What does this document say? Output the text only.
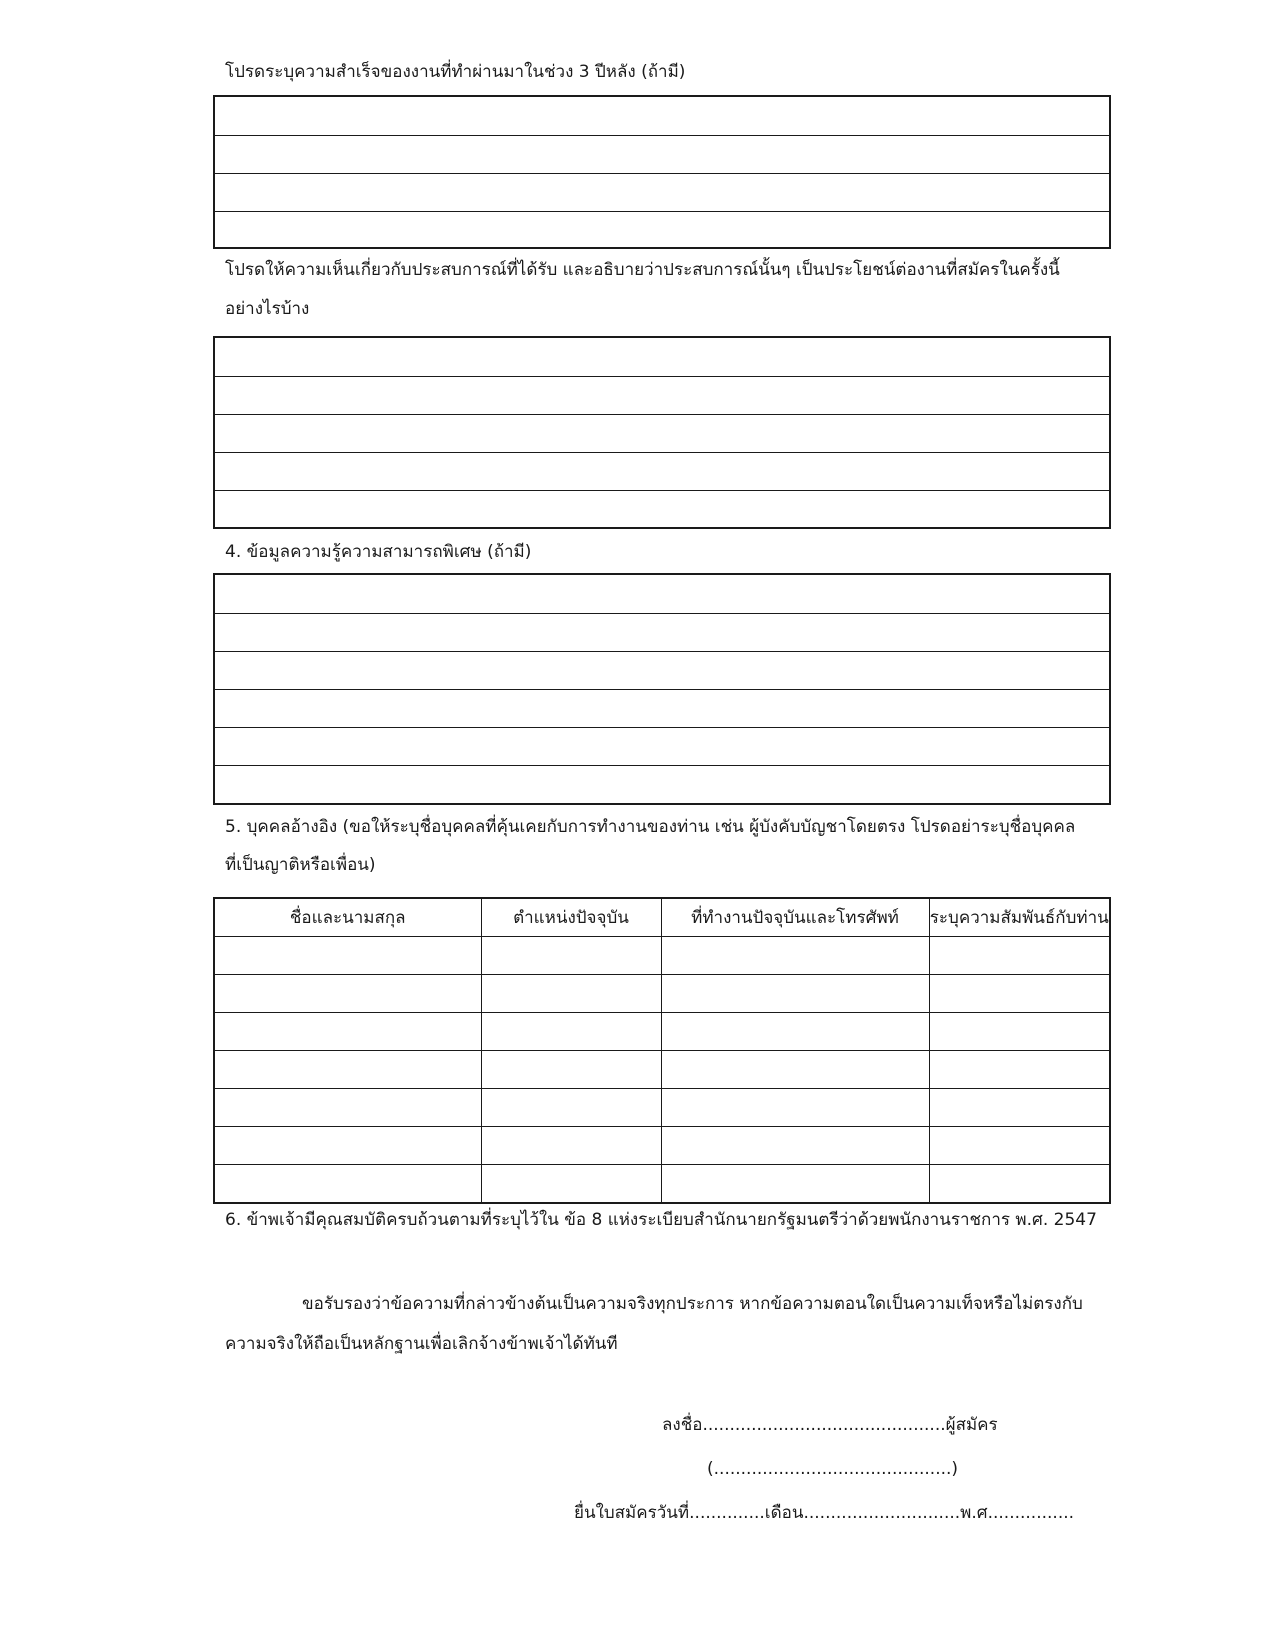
โปรดระบุความสำเร็จของงานที่ทำผ่านมาในช่วง 3 ปีหลัง (ถ้ามี)
โปรดให้ความเห็นเกี่ยวกับประสบการณ์ที่ได้รับ และอธิบายว่าประสบการณ์นั้นๆ เป็นประโยชน์ต่องานที่สมัครในครั้งนี้
อย่างไรบ้าง
4. ข้อมูลความรู้ความสามารถพิเศษ (ถ้ามี)
5. บุคคลอ้างอิง (ขอให้ระบุชื่อบุคคลที่คุ้นเคยกับการทำงานของท่าน เช่น ผู้บังคับบัญชาโดยตรง โปรดอย่าระบุชื่อบุคคล
ที่เป็นญาติหรือเพื่อน)
ชื่อและนามสกุล	ตำแหน่งปัจจุบัน	ที่ทำงานปัจจุบันและโทรศัพท์	ระบุความสัมพันธ์กับท่าน

6. ข้าพเจ้ามีคุณสมบัติครบถ้วนตามที่ระบุไว้ใน ข้อ 8 แห่งระเบียบสำนักนายกรัฐมนตรีว่าด้วยพนักงานราชการ พ.ศ. 2547
ขอรับรองว่าข้อความที่กล่าวข้างต้นเป็นความจริงทุกประการ หากข้อความตอนใดเป็นความเท็จหรือไม่ตรงกับ
ความจริงให้ถือเป็นหลักฐานเพื่อเลิกจ้างข้าพเจ้าได้ทันที
ลงชื่อ.............................................ผู้สมัคร
(............................................)
ยื่นใบสมัครวันที่..............เดือน.............................พ.ศ................
